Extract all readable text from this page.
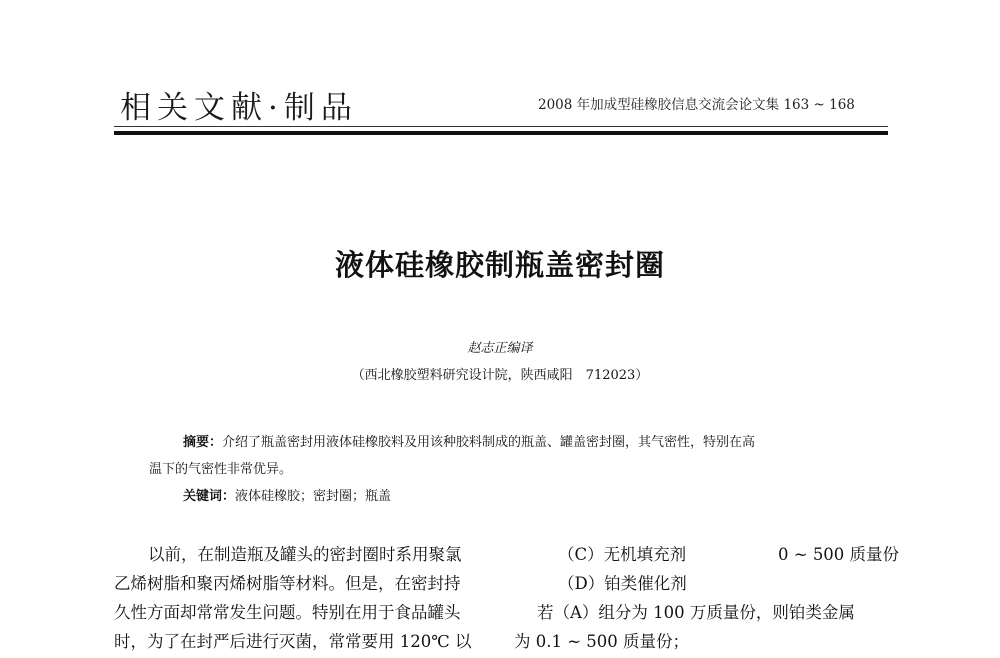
相关文献·制品	2008 年加成型硅橡胶信息交流会论文集 163 ~ 168
液体硅橡胶制瓶盖密封圈
赵志正编译
（西北橡胶塑料研究设计院，陕西咸阳　712023）
摘要：介绍了瓶盖密封用液体硅橡胶料及用该种胶料制成的瓶盖、罐盖密封圈，其气密性，特别在高
温下的气密性非常优异。
关键词：液体硅橡胶；密封圈；瓶盖
以前，在制造瓶及罐头的密封圈时系用聚氯
乙烯树脂和聚丙烯树脂等材料。但是，在密封持
久性方面却常常发生问题。特别在用于食品罐头
时，为了在封严后进行灭菌，常常要用 120℃ 以
（C）无机填充剂	0 ~ 500 质量份
（D）铂类催化剂
若（A）组分为 100 万质量份，则铂类金属
为 0.1 ~ 500 质量份；
